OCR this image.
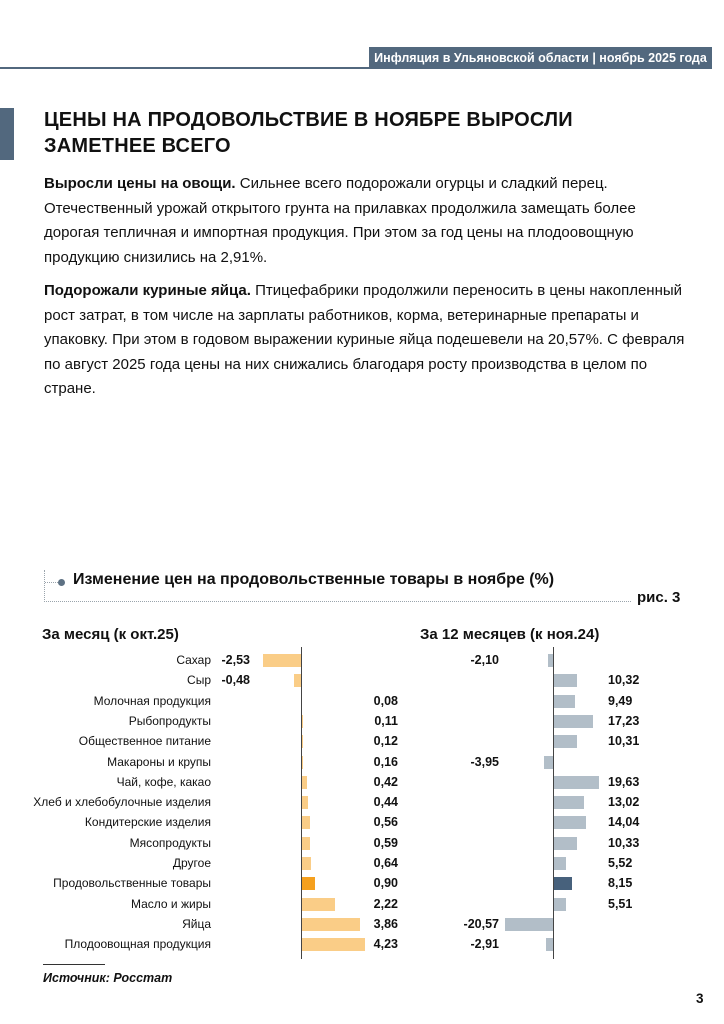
Инфляция в Ульяновской области | ноябрь 2025 года
ЦЕНЫ НА ПРОДОВОЛЬСТВИЕ В НОЯБРЕ ВЫРОСЛИ ЗАМЕТНЕЕ ВСЕГО

Выросли цены на овощи. Сильнее всего подорожали огурцы и сладкий перец. Отечественный урожай открытого грунта на прилавках продолжила замещать более дорогая тепличная и импортная продукция. При этом за год цены на плодоовощную продукцию снизились на 2,91%.

Подорожали куриные яйца. Птицефабрики продолжили переносить в цены накопленный рост затрат, в том числе на зарплаты работников, корма, ветеринарные препараты и упаковку. При этом в годовом выражении куриные яйца подешевели на 20,57%. С февраля по август 2025 года цены на них снижались благодаря росту производства в целом по стране.

Изменение цен на продовольственные товары в ноябре (%)
рис. 3
За месяц (к окт.25)	За 12 месяцев (к ноя.24)
Сахар -2,53	-2,10
Сыр -0,48	10,32
Молочная продукция	0,08	9,49
Рыбопродукты	0,11	17,23
Общественное питание	0,12	10,31
Макароны и крупы	0,16	-3,95
Чай, кофе, какао	0,42	19,63
Хлеб и хлебобулочные изделия	0,44	13,02
Кондитерские изделия	0,56	14,04
Мясопродукты	0,59	10,33
Другое	0,64	5,52
Продовольственные товары	0,90	8,15
Масло и жиры	2,22	5,51
Яйца	3,86	-20,57
Плодоовощная продукция	4,23	-2,91
Источник: Росстат
3
